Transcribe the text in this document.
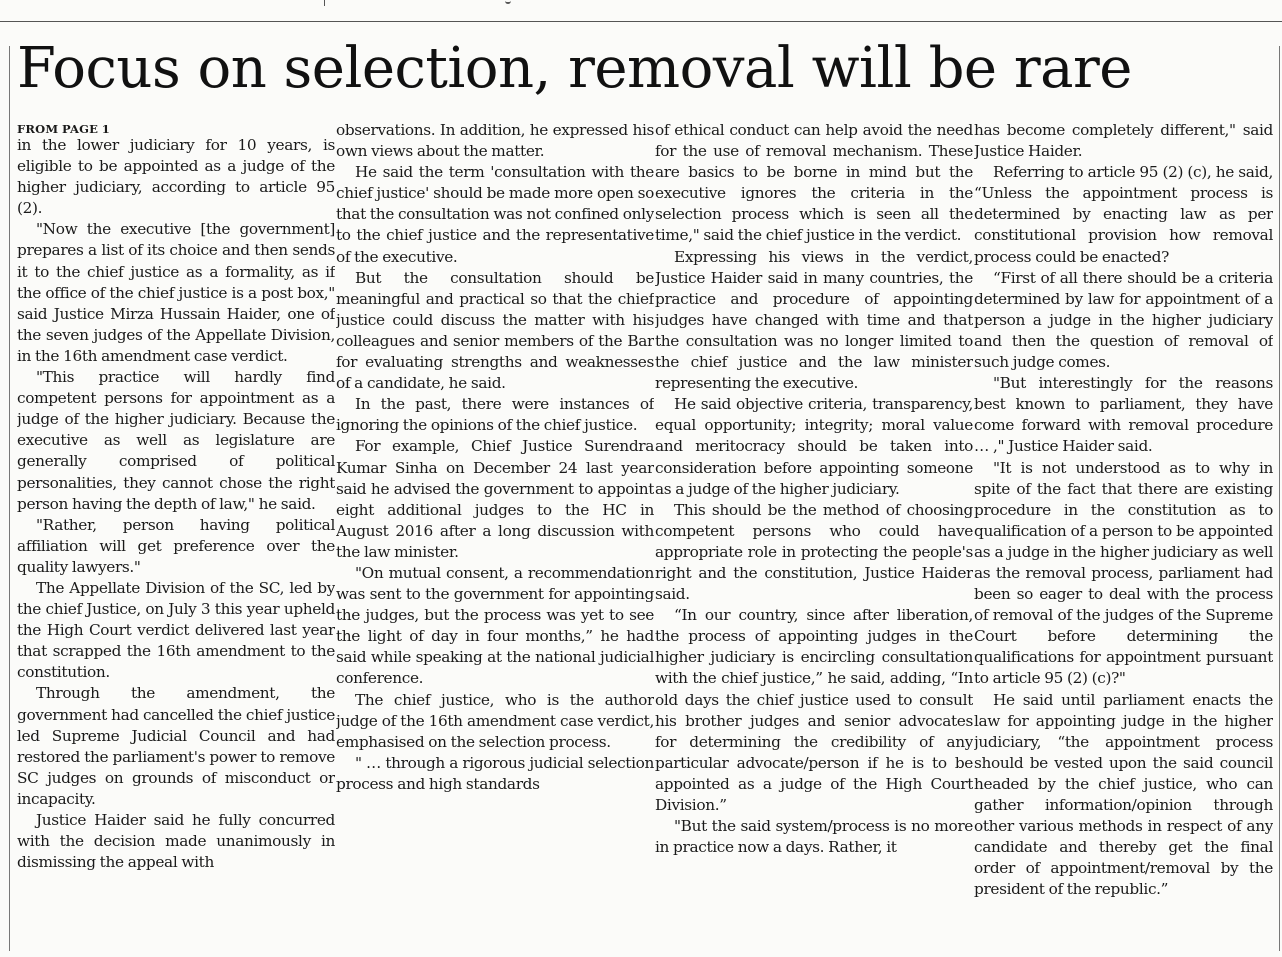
Focus on selection, removal will be rare
FROM PAGE 1

in the lower judiciary for 10 years, is eligible to be appointed as a judge of the higher judiciary, according to article 95 (2).

"Now the executive [the government] prepares a list of its choice and then sends it to the chief justice as a formality, as if the office of the chief justice is a post box," said Justice Mirza Hussain Haider, one of the seven judges of the Appellate Division, in the 16th amendment case verdict.

"This practice will hardly find competent persons for appointment as a judge of the higher judiciary. Because the executive as well as legislature are generally comprised of political personalities, they cannot chose the right person having the depth of law," he said.

"Rather, person having political affiliation will get preference over the quality lawyers."

The Appellate Division of the SC, led by the chief Justice, on July 3 this year upheld the High Court verdict delivered last year that scrapped the 16th amendment to the constitution.

Through the amendment, the government had cancelled the chief justice led Supreme Judicial Council and had restored the parliament's power to remove SC judges on grounds of misconduct or incapacity.

Justice Haider said he fully concurred with the decision made unanimously in dismissing the appeal with

observations. In addition, he expressed his own views about the matter.

He said the term 'consultation with the chief justice' should be made more open so that the consultation was not confined only to the chief justice and the representative of the executive.

But the consultation should be meaningful and practical so that the chief justice could discuss the matter with his colleagues and senior members of the Bar for evaluating strengths and weaknesses of a candidate, he said.

In the past, there were instances of ignoring the opinions of the chief justice.

For example, Chief Justice Surendra Kumar Sinha on December 24 last year said he advised the government to appoint eight additional judges to the HC in August 2016 after a long discussion with the law minister.

"On mutual consent, a recommendation was sent to the government for appointing the judges, but the process was yet to see the light of day in four months,” he had said while speaking at the national judicial conference.

The chief justice, who is the author judge of the 16th amendment case verdict, emphasised on the selection process.

" … through a rigorous judicial selection process and high standards

of ethical conduct can help avoid the need for the use of removal mechanism. These are basics to be borne in mind but the executive ignores the criteria in the selection process which is seen all the time," said the chief justice in the verdict.

Expressing his views in the verdict, Justice Haider said in many countries, the practice and procedure of appointing judges have changed with time and that the consultation was no longer limited to the chief justice and the law minister representing the executive.

He said objective criteria, transparency, equal opportunity; integrity; moral value and meritocracy should be taken into consideration before appointing someone as a judge of the higher judiciary.

This should be the method of choosing competent persons who could have appropriate role in protecting the people's right and the constitution, Justice Haider said.

“In our country, since after liberation, the process of appointing judges in the higher judiciary is encircling consultation with the chief justice,” he said, adding, “In old days the chief justice used to consult his brother judges and senior advocates for determining the credibility of any particular advocate/person if he is to be appointed as a judge of the High Court Division.”

"But the said system/process is no more in practice now a days. Rather, it

has become completely different," said Justice Haider.

Referring to article 95 (2) (c), he said, “Unless the appointment process is determined by enacting law as per constitutional provision how removal process could be enacted?

“First of all there should be a criteria determined by law for appointment of a person a judge in the higher judiciary and then the question of removal of such judge comes.

"But interestingly for the reasons best known to parliament, they have come forward with removal procedure … ," Justice Haider said.

"It is not understood as to why in spite of the fact that there are existing procedure in the constitution as to qualification of a person to be appointed as a judge in the higher judiciary as well as the removal process, parliament had been so eager to deal with the process of removal of the judges of the Supreme Court before determining the qualifications for appointment pursuant to article 95 (2) (c)?"

He said until parliament enacts the law for appointing judge in the higher judiciary, “the appointment process should be vested upon the said council headed by the chief justice, who can gather information/opinion through other various methods in respect of any candidate and thereby get the final order of appointment/removal by the president of the republic.”
